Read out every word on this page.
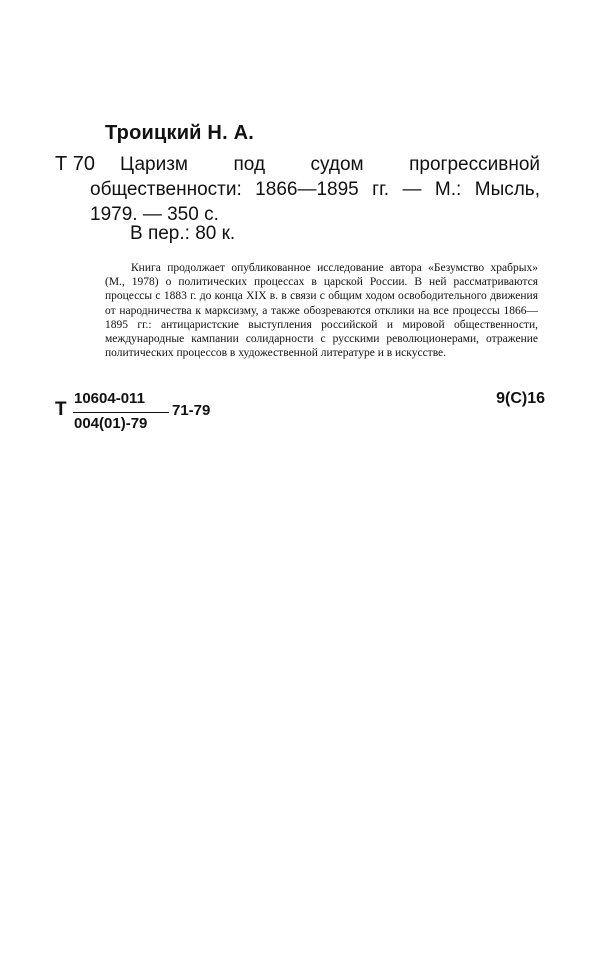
Троицкий Н. А.
Т 70	Царизм под судом прогрессивной общественности: 1866—1895 гг. — М.: Мысль, 1979. — 350 с.
В пер.: 80 к.
Книга продолжает опубликованное исследование автора «Безумство храбрых» (М., 1978) о политических процессах в царской России. В ней рассматриваются процессы с 1883 г. до конца XIX в. в связи с общим ходом освободительного движения от народничества к марксизму, а также обозреваются отклики на все процессы 1866—1895 гг.: антицаристские выступления российской и мировой общественности, международные кампании солидарности с русскими революционерами, отражение политических процессов в художественной литературе и в искусстве.
Т
10604-011
004(01)-79
71-79
9(С)16
